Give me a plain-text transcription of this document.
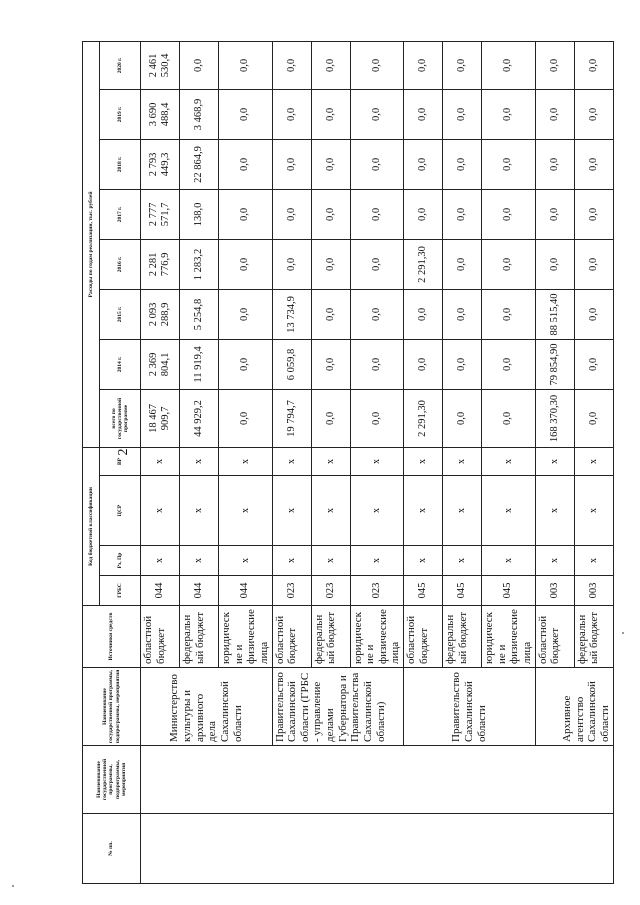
2
№ пп.	Наименование государственной программы, подпрограммы, мероприятия	Наименование государственной программы, подпрограммы, мероприятия	Источники средств	Код бюджетной классификации				Расходы по годам реализации, тыс. рублей							
				ГРБС	Рз, Пр	ЦСР	ВР	всего по государственной программе	2014 г.	2015 г.	2016 г.	2017 г.	2018 г.	2019 г.	2020 г.
		Министерство культуры и архивного дела Сахалинской области	областной бюджет	044	x	x	x	18 467 909,7	2 369 804,1	2 093 288,9	2 281 776,9	2 777 571,7	2 793 449,3	3 690 488,4	2 461 530,4
			федеральный бюджет	044	x	x	x	44 929,2	11 919,4	5 254,8	1 283,2	138,0	22 864,9	3 468,9	0,0
			юридические и физические лица	044	x	x	x	0,0	0,0	0,0	0,0	0,0	0,0	0,0	0,0
		Правительство Сахалинской области (ГРБС - управление делами Губернатора и Правительства Сахалинской области)	областной бюджет	023	x	x	x	19 794,7	6 059,8	13 734,9	0,0	0,0	0,0	0,0	0,0
			федеральный бюджет	023	x	x	x	0,0	0,0	0,0	0,0	0,0	0,0	0,0	0,0
			юридические и физические лица	023	x	x	x	0,0	0,0	0,0	0,0	0,0	0,0	0,0	0,0
		Правительство Сахалинской области	областной бюджет	045	x	x	x	2 291,30	0,0	0,0	2 291,30	0,0	0,0	0,0	0,0
			федеральный бюджет	045	x	x	x	0,0	0,0	0,0	0,0	0,0	0,0	0,0	0,0
			юридические и физические лица	045	x	x	x	0,0	0,0	0,0	0,0	0,0	0,0	0,0	0,0
		Архивное агентство Сахалинской области	областной бюджет	003	x	x	x	168 370,30	79 854,90	88 515,40	0,0	0,0	0,0	0,0	0,0
			федеральный бюджет	003	x	x	x	0,0	0,0	0,0	0,0	0,0	0,0	0,0	0,0
